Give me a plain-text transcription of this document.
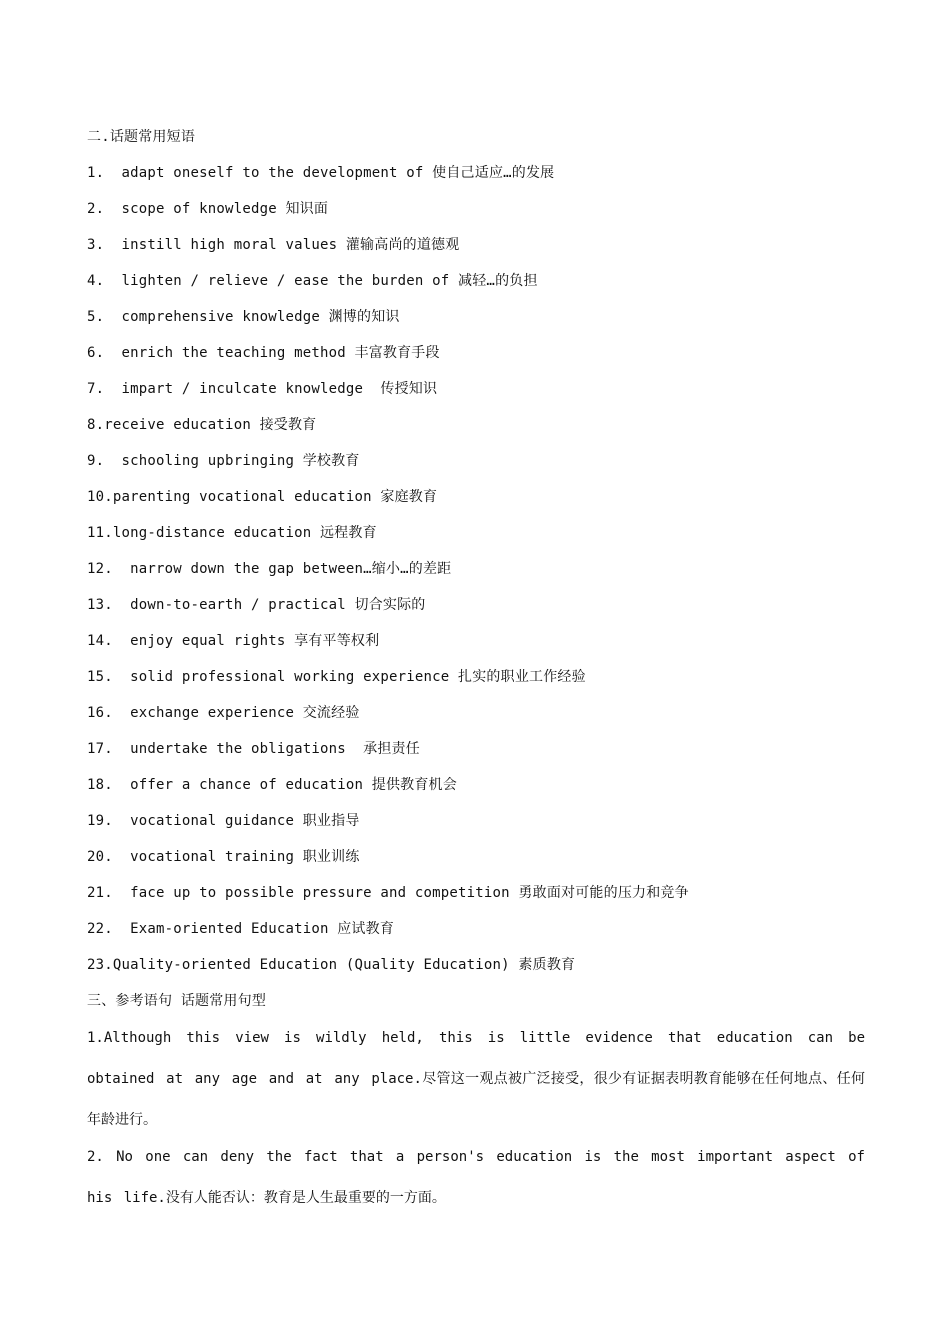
二.话题常用短语
1.  adapt oneself to the development of 使自己适应…的发展
2.  scope of knowledge 知识面
3.  instill high moral values 灌输高尚的道德观
4.  lighten / relieve / ease the burden of 减轻…的负担
5.  comprehensive knowledge 渊博的知识
6.  enrich the teaching method 丰富教育手段
7.  impart / inculcate knowledge  传授知识
8.receive education 接受教育
9.  schooling upbringing 学校教育
10.parenting vocational education 家庭教育
11.long-distance education 远程教育
12.  narrow down the gap between…缩小…的差距
13.  down-to-earth / practical 切合实际的
14.  enjoy equal rights 享有平等权利
15.  solid professional working experience 扎实的职业工作经验
16.  exchange experience 交流经验
17.  undertake the obligations  承担责任
18.  offer a chance of education 提供教育机会
19.  vocational guidance 职业指导
20.  vocational training 职业训练
21.  face up to possible pressure and competition 勇敢面对可能的压力和竞争
22.  Exam-oriented Education 应试教育
23.Quality-oriented Education (Quality Education) 素质教育
三、参考语句 话题常用句型
1.Although this view is wildly held, this is little evidence that education can be obtained at any age and at any place.尽管这一观点被广泛接受，很少有证据表明教育能够在任何地点、任何年龄进行。
2. No one can deny the fact that a person's education is the most important aspect of his life.没有人能否认：教育是人生最重要的一方面。
